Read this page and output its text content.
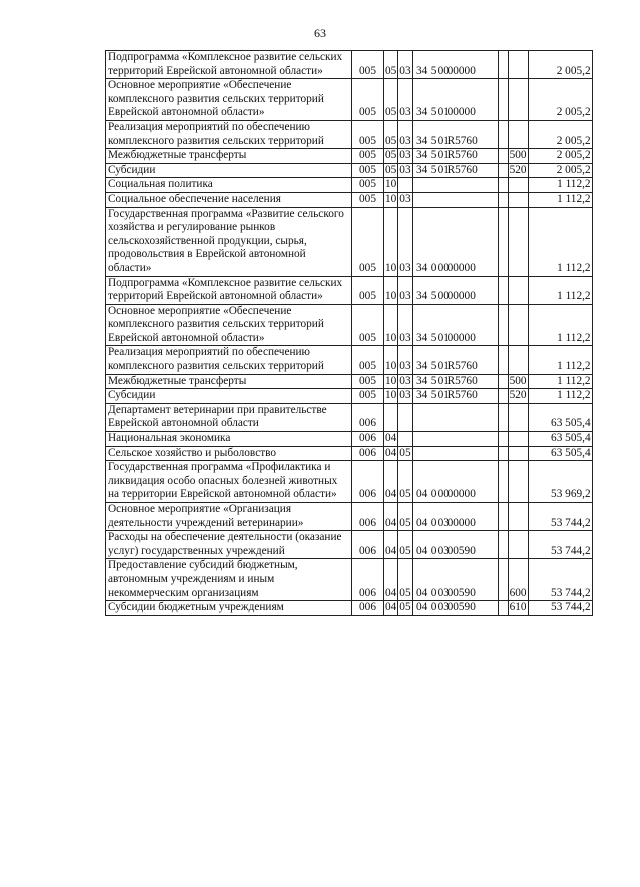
63
Подпрограмма «Комплексное развитие сельских территорий Еврейской автономной области»	005	05	03	34 50000000			2 005,2
Основное мероприятие «Обеспечение комплексного развития сельских территорий Еврейской автономной области»	005	05	03	34 50100000			2 005,2
Реализация мероприятий по обеспечению комплексного развития сельских территорий	005	05	03	34 501R5760			2 005,2
Межбюджетные трансферты	005	05	03	34 501R5760		500	2 005,2
Субсидии	005	05	03	34 501R5760		520	2 005,2
Социальная политика	005	10					1 112,2
Социальное обеспечение населения	005	10	03				1 112,2
Государственная программа «Развитие сельского хозяйства и регулирование рынков сельскохозяйственной продукции, сырья, продовольствия в Еврейской автономной области»	005	10	03	34 00000000			1 112,2
Подпрограмма «Комплексное развитие сельских территорий Еврейской автономной области»	005	10	03	34 50000000			1 112,2
Основное мероприятие «Обеспечение комплексного развития сельских территорий Еврейской автономной области»	005	10	03	34 50100000			1 112,2
Реализация мероприятий по обеспечению комплексного развития сельских территорий	005	10	03	34 501R5760			1 112,2
Межбюджетные трансферты	005	10	03	34 501R5760		500	1 112,2
Субсидии	005	10	03	34 501R5760		520	1 112,2
Департамент ветеринарии при правительстве Еврейской автономной области	006						63 505,4
Национальная экономика	006	04					63 505,4
Сельское хозяйство и рыболовство	006	04	05				63 505,4
Государственная программа «Профилактика и ликвидация особо опасных болезней животных на территории Еврейской автономной области»	006	04	05	04 00000000			53 969,2
Основное мероприятие «Организация деятельности учреждений ветеринарии»	006	04	05	04 00300000			53 744,2
Расходы на обеспечение деятельности (оказание услуг) государственных учреждений	006	04	05	04 00300590			53 744,2
Предоставление субсидий бюджетным, автономным учреждениям и иным некоммерческим организациям	006	04	05	04 00300590		600	53 744,2
Субсидии бюджетным учреждениям	006	04	05	04 00300590		610	53 744,2
